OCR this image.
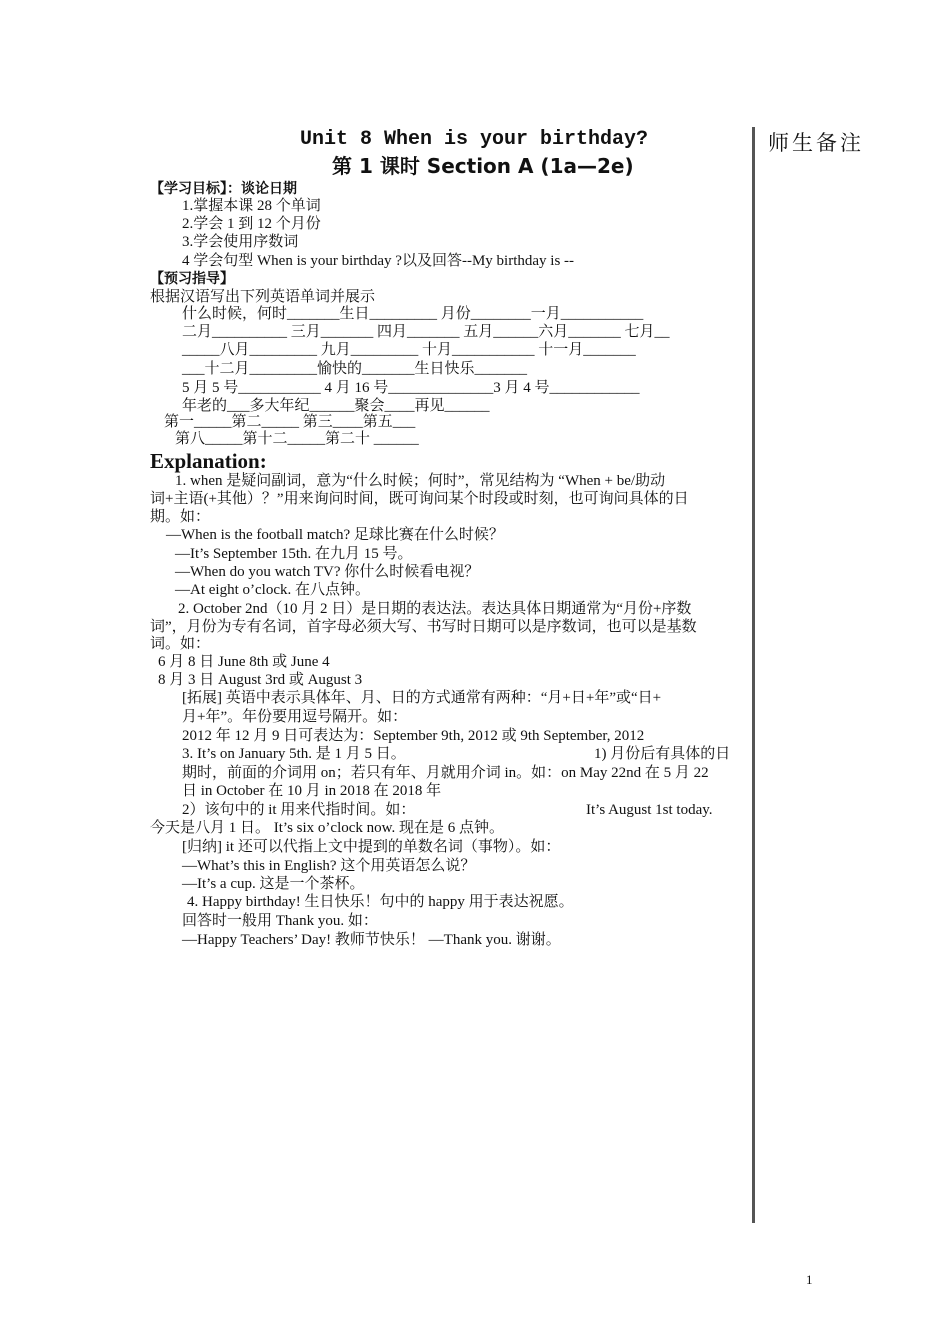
Unit 8 When is your birthday?
第 1 课时 Section A (1a—2e)
师生备注
【学习目标】：谈论日期
1.掌握本课 28 个单词
2.学会 1 到 12 个月份
3.学会使用序数词
4 学会句型 When is your birthday ?以及回答--My birthday is --
【预习指导】
根据汉语写出下列英语单词并展示
什么时候，何时_______生日_________ 月份________一月___________
二月__________ 三月_______ 四月_______ 五月______六月_______ 七月__
_____八月_________ 九月_________ 十月___________ 十一月_______
___十二月_________愉快的_______生日快乐_______
5 月 5 号___________ 4 月 16 号______________3 月 4 号____________
年老的___多大年纪______聚会____再见______
第一_____第二_____ 第三____第五___
第八_____第十二_____第二十 ______
Explanation:
1. when 是疑问副词，意为“什么时候；何时”，常见结构为 “When + be/助动
词+主语(+其他）？”用来询问时间，既可询问某个时段或时刻，也可询问具体的日
期。如：
—When is the football match? 足球比赛在什么时候？
—It’s September 15th. 在九月 15 号。
—When do you watch TV? 你什么时候看电视？
—At eight o’clock. 在八点钟。
2. October 2nd（10 月 2 日）是日期的表达法。表达具体日期通常为“月份+序数
词”，月份为专有名词，首字母必须大写、书写时日期可以是序数词，也可以是基数
词。如：
6 月 8 日 June 8th 或 June 4
8 月 3 日 August 3rd 或 August 3
[拓展] 英语中表示具体年、月、日的方式通常有两种：“月+日+年”或“日+
月+年”。年份要用逗号隔开。如：
2012 年 12 月 9 日可表达为：September 9th, 2012 或 9th September, 2012
3. It’s on January 5th. 是 1 月 5 日。	1) 月份后有具体的日
期时，前面的介词用 on；若只有年、月就用介词 in。如：on May 22nd 在 5 月 22
日 in October 在 10 月 in 2018 在 2018 年
2）该句中的 it 用来代指时间。如：	It’s August 1st today.
今天是八月 1 日。 It’s six o’clock now. 现在是 6 点钟。
[归纳] it 还可以代指上文中提到的单数名词（事物）。如：
—What’s this in English? 这个用英语怎么说？
—It’s a cup. 这是一个茶杯。
4. Happy birthday! 生日快乐！句中的 happy 用于表达祝愿。
回答时一般用 Thank you. 如：
—Happy Teachers’ Day! 教师节快乐！ —Thank you. 谢谢。
1
